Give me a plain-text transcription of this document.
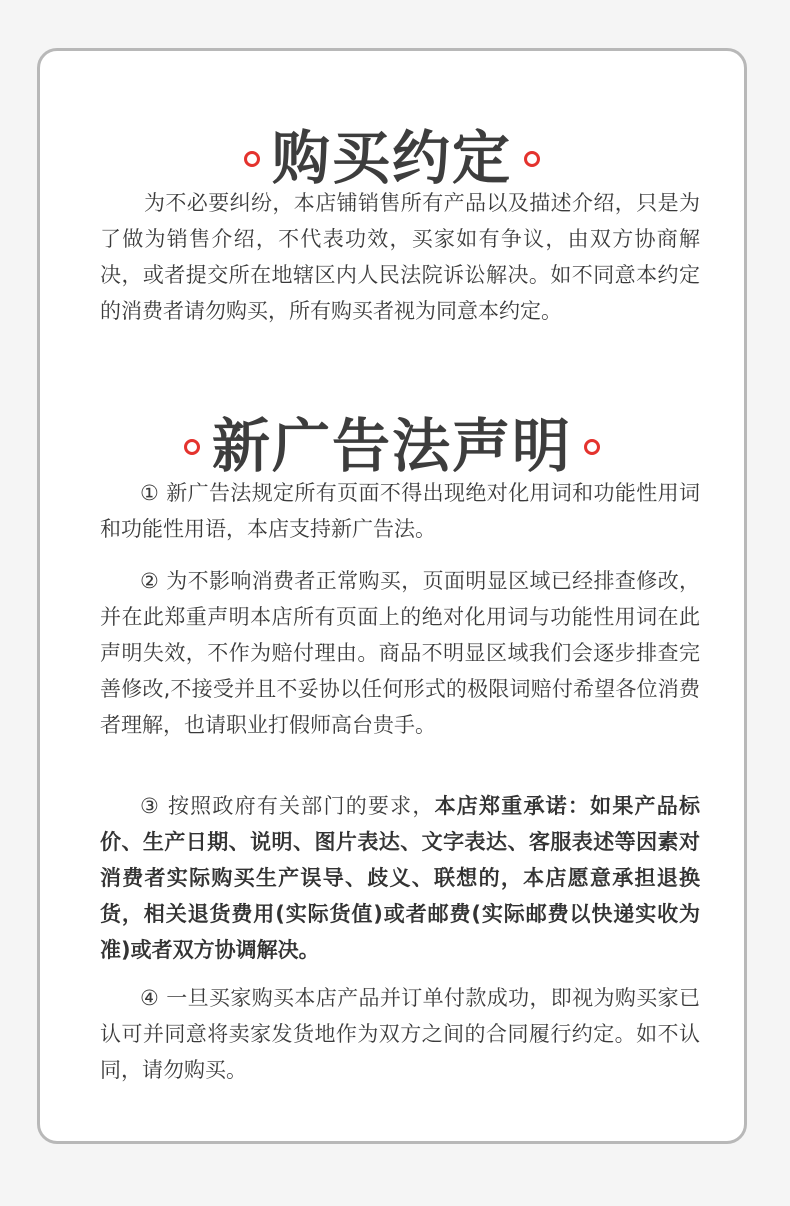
购买约定

为不必要纠纷，本店铺销售所有产品以及描述介绍，只是为了做为销售介绍，不代表功效，买家如有争议，由双方协商解决，或者提交所在地辖区内人民法院诉讼解决。如不同意本约定的消费者请勿购买，所有购买者视为同意本约定。

新广告法声明

① 新广告法规定所有页面不得出现绝对化用词和功能性用词和功能性用语，本店支持新广告法。

② 为不影响消费者正常购买，页面明显区域已经排查修改，并在此郑重声明本店所有页面上的绝对化用词与功能性用词在此声明失效，不作为赔付理由。商品不明显区域我们会逐步排查完善修改,不接受并且不妥协以任何形式的极限词赔付希望各位消费者理解，也请职业打假师高台贵手。

③ 按照政府有关部门的要求，本店郑重承诺：如果产品标价、生产日期、说明、图片表达、文字表达、客服表述等因素对消费者实际购买生产误导、歧义、联想的，本店愿意承担退换货，相关退货费用(实际货值)或者邮费(实际邮费以快递实收为准)或者双方协调解决。

④ 一旦买家购买本店产品并订单付款成功，即视为购买家已认可并同意将卖家发货地作为双方之间的合同履行约定。如不认同，请勿购买。
